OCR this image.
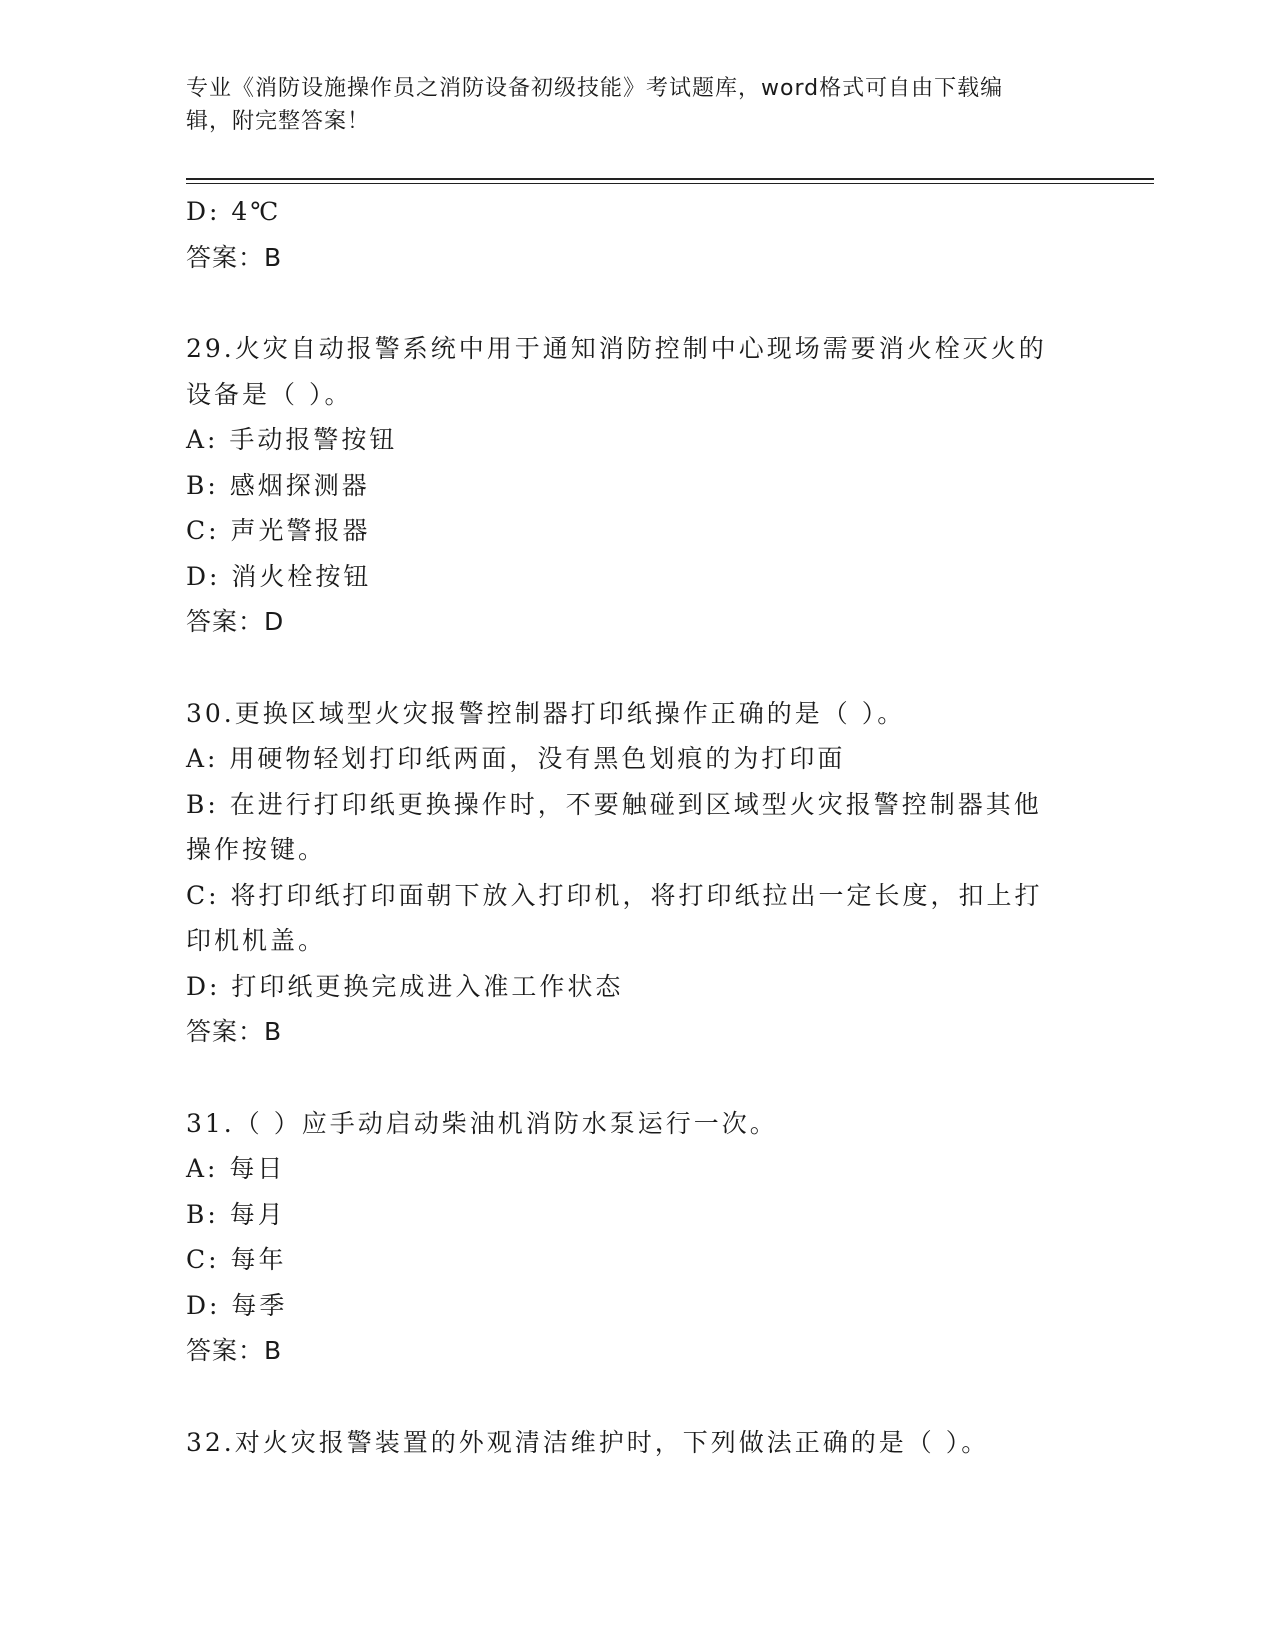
专业《消防设施操作员之消防设备初级技能》考试题库，word格式可自由下载编
辑，附完整答案！
D: 4℃
答案：B
29.火灾自动报警系统中用于通知消防控制中心现场需要消火栓灭火的
设备是（ ）。
A: 手动报警按钮
B: 感烟探测器
C: 声光警报器
D: 消火栓按钮
答案：D
30.更换区域型火灾报警控制器打印纸操作正确的是（ ）。
A: 用硬物轻划打印纸两面，没有黑色划痕的为打印面
B: 在进行打印纸更换操作时，不要触碰到区域型火灾报警控制器其他
操作按键。
C: 将打印纸打印面朝下放入打印机，将打印纸拉出一定长度，扣上打
印机机盖。
D: 打印纸更换完成进入准工作状态
答案：B
31.（ ）应手动启动柴油机消防水泵运行一次。
A: 每日
B: 每月
C: 每年
D: 每季
答案：B
32.对火灾报警装置的外观清洁维护时，下列做法正确的是（ ）。
